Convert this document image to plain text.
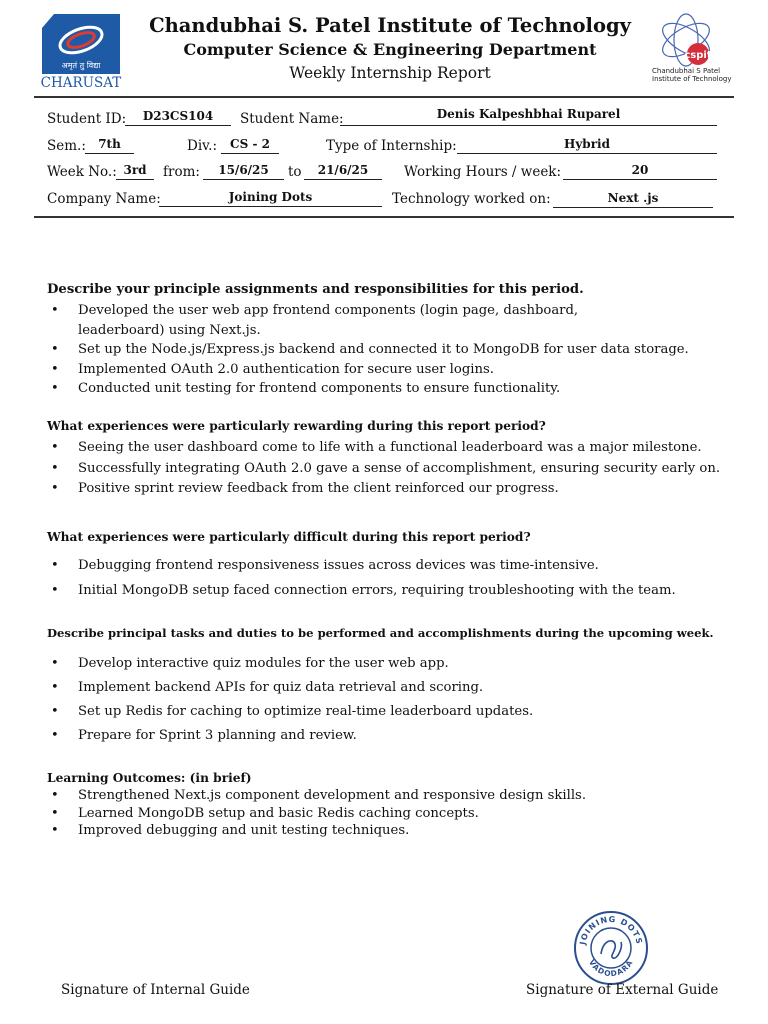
अमृतं तु विद्या
CHARUSAT
Chandubhai S. Patel Institute of Technology
Computer Science & Engineering Department
Weekly Internship Report
cspit
Chandubhai S Patel
Institute of Technology
Student ID:	D23CS104	Student Name:	Denis Kalpeshbhai Ruparel
Sem.:	7th	Div.:	CS - 2	Type of Internship:	Hybrid
Week No.: 3rd	from:	15/6/25	to	21/6/25	Working Hours / week:	20
Company Name:	Joining Dots	Technology worked on:	Next .js
Describe your principle assignments and responsibilities for this period.
• Developed the user web app frontend components (login page, dashboard, leaderboard) using Next.js.
• Set up the Node.js/Express.js backend and connected it to MongoDB for user data storage.
• Implemented OAuth 2.0 authentication for secure user logins.
• Conducted unit testing for frontend components to ensure functionality.
What experiences were particularly rewarding during this report period?
• Seeing the user dashboard come to life with a functional leaderboard was a major milestone.
• Successfully integrating OAuth 2.0 gave a sense of accomplishment, ensuring security early on.
• Positive sprint review feedback from the client reinforced our progress.
What experiences were particularly difficult during this report period?
• Debugging frontend responsiveness issues across devices was time-intensive.
• Initial MongoDB setup faced connection errors, requiring troubleshooting with the team.
Describe principal tasks and duties to be performed and accomplishments during the upcoming week.
• Develop interactive quiz modules for the user web app.
• Implement backend APIs for quiz data retrieval and scoring.
• Set up Redis for caching to optimize real-time leaderboard updates.
• Prepare for Sprint 3 planning and review.
Learning Outcomes: (in brief)
• Strengthened Next.js component development and responsive design skills.
• Learned MongoDB setup and basic Redis caching concepts.
• Improved debugging and unit testing techniques.
JOINING DOTS
VADODARA
Signature of Internal Guide	Signature of External Guide
